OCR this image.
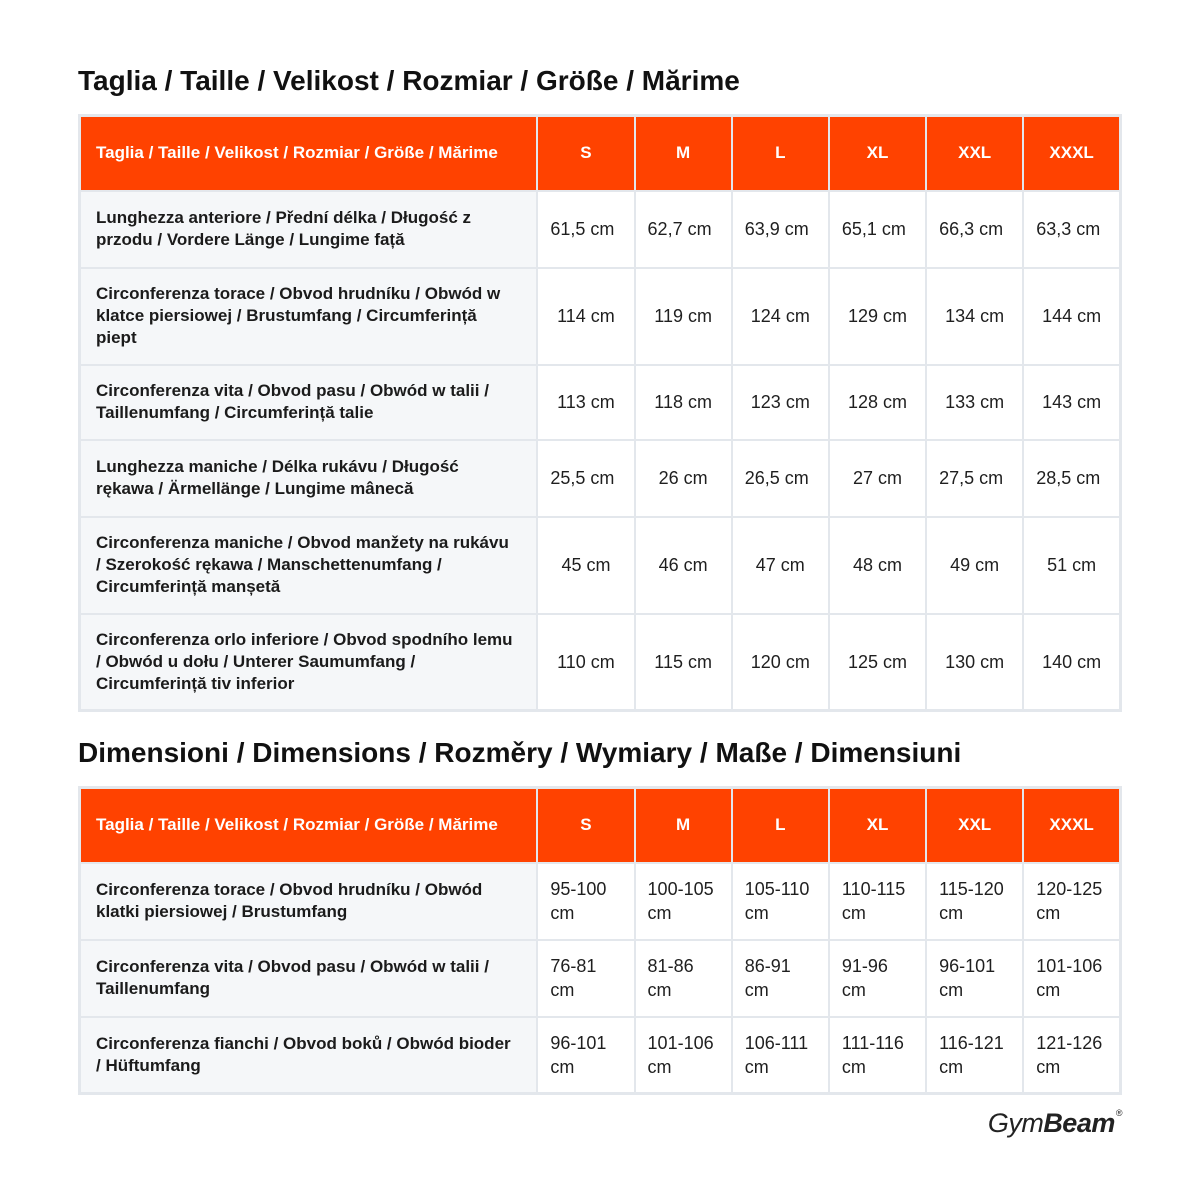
Taglia / Taille / Velikost / Rozmiar / Größe / Mărime
Taglia / Taille / Velikost / Rozmiar / Größe / Mărime	S	M	L	XL	XXL	XXXL
Lunghezza anteriore / Přední délka / Długość z przodu / Vordere Länge / Lungime față	61,5 cm	62,7 cm	63,9 cm	65,1 cm	66,3 cm	63,3 cm
Circonferenza torace / Obvod hrudníku / Obwód w klatce piersiowej / Brustumfang / Circumferință piept	114 cm	119 cm	124 cm	129 cm	134 cm	144 cm
Circonferenza vita / Obvod pasu / Obwód w talii / Taillenumfang / Circumferință talie	113 cm	118 cm	123 cm	128 cm	133 cm	143 cm
Lunghezza maniche / Délka rukávu / Długość rękawa / Ärmellänge / Lungime mânecă	25,5 cm	26 cm	26,5 cm	27 cm	27,5 cm	28,5 cm
Circonferenza maniche / Obvod manžety na rukávu / Szerokość rękawa / Manschettenumfang / Circumferință manșetă	45 cm	46 cm	47 cm	48 cm	49 cm	51 cm
Circonferenza orlo inferiore / Obvod spodního lemu / Obwód u dołu / Unterer Saumumfang / Circumferință tiv inferior	110 cm	115 cm	120 cm	125 cm	130 cm	140 cm
Dimensioni / Dimensions / Rozměry / Wymiary / Maße / Dimensiuni
Taglia / Taille / Velikost / Rozmiar / Größe / Mărime	S	M	L	XL	XXL	XXXL
Circonferenza torace / Obvod hrudníku / Obwód klatki piersiowej / Brustumfang	95-100 cm	100-105 cm	105-110 cm	110-115 cm	115-120 cm	120-125 cm
Circonferenza vita / Obvod pasu / Obwód w talii / Taillenumfang	76-81 cm	81-86 cm	86-91 cm	91-96 cm	96-101 cm	101-106 cm
Circonferenza fianchi / Obvod boků / Obwód bioder / Hüftumfang	96-101 cm	101-106 cm	106-111 cm	111-116 cm	116-121 cm	121-126 cm
GymBeam®
